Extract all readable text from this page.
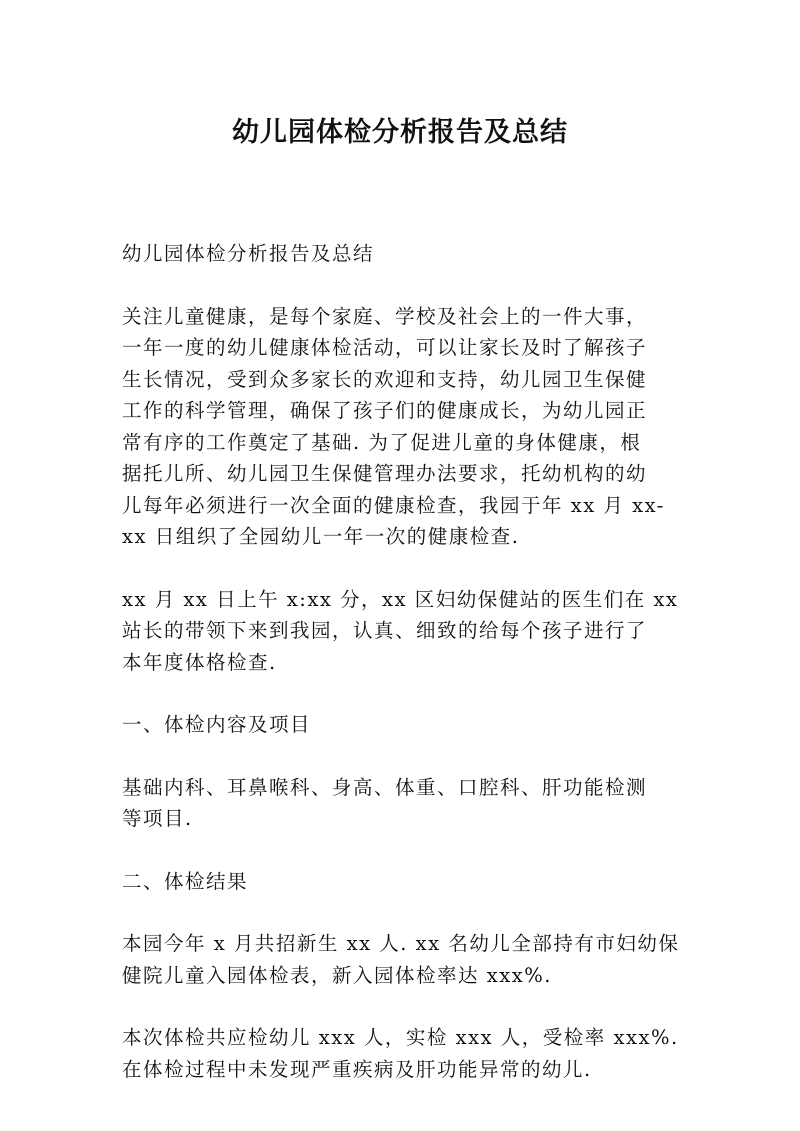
幼儿园体检分析报告及总结

幼儿园体检分析报告及总结

关注儿童健康，是每个家庭、学校及社会上的一件大事，
一年一度的幼儿健康体检活动，可以让家长及时了解孩子
生长情况，受到众多家长的欢迎和支持，幼儿园卫生保健
工作的科学管理，确保了孩子们的健康成长，为幼儿园正
常有序的工作奠定了基础. 为了促进儿童的身体健康，根
据托儿所、幼儿园卫生保健管理办法要求，托幼机构的幼
儿每年必须进行一次全面的健康检查，我园于年 xx 月 xx-
xx 日组织了全园幼儿一年一次的健康检查.

xx 月 xx 日上午 x:xx 分，xx 区妇幼保健站的医生们在 xx
站长的带领下来到我园，认真、细致的给每个孩子进行了
本年度体格检查.

一、体检内容及项目

基础内科、耳鼻喉科、身高、体重、口腔科、肝功能检测
等项目.

二、体检结果

本园今年 x 月共招新生 xx 人. xx 名幼儿全部持有市妇幼保
健院儿童入园体检表，新入园体检率达 xxx%.

本次体检共应检幼儿 xxx 人，实检 xxx 人，受检率 xxx%.
在体检过程中未发现严重疾病及肝功能异常的幼儿.
